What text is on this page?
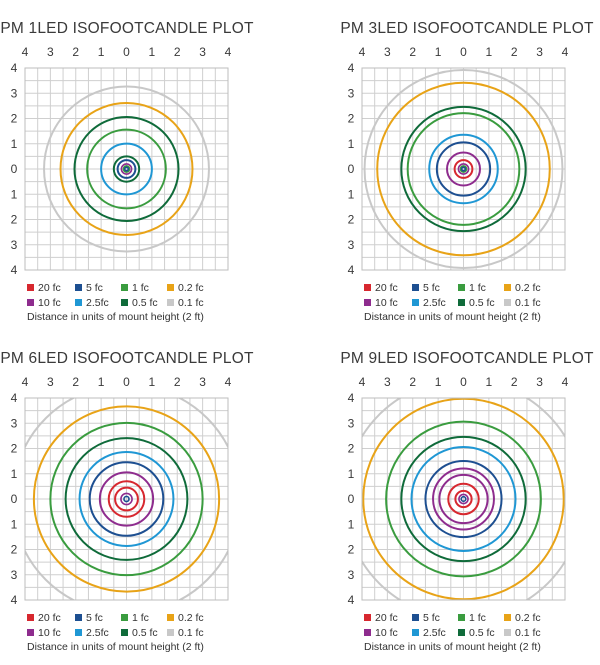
PM 1LED ISOFOOTCANDLE PLOT
4 3 2 1 0 1 2 3 4
4
3
2
1
0
1
2
3
4
20 fc 5 fc	1 fc	0.2 fc
10 fc 2.5fc 0.5 fc 0.1 fc
Distance in units of mount height (2 ft)
PM 3LED ISOFOOTCANDLE PLOT
4 3 2 1 0 1 2 3 4
4
3
2
1
0
1
2
3
4
20 fc 5 fc	1 fc	0.2 fc
10 fc 2.5fc 0.5 fc 0.1 fc
Distance in units of mount height (2 ft)
PM 6LED ISOFOOTCANDLE PLOT
4 3 2 1 0 1 2 3 4
4
3
2
1
0
1
2
3
4
20 fc 5 fc	1 fc	0.2 fc
10 fc 2.5fc 0.5 fc 0.1 fc
Distance in units of mount height (2 ft)
PM 9LED ISOFOOTCANDLE PLOT
4 3 2 1 0 1 2 3 4
4
3
2
1
0
1
2
3
4
20 fc 5 fc	1 fc	0.2 fc
10 fc 2.5fc 0.5 fc 0.1 fc
Distance in units of mount height (2 ft)
